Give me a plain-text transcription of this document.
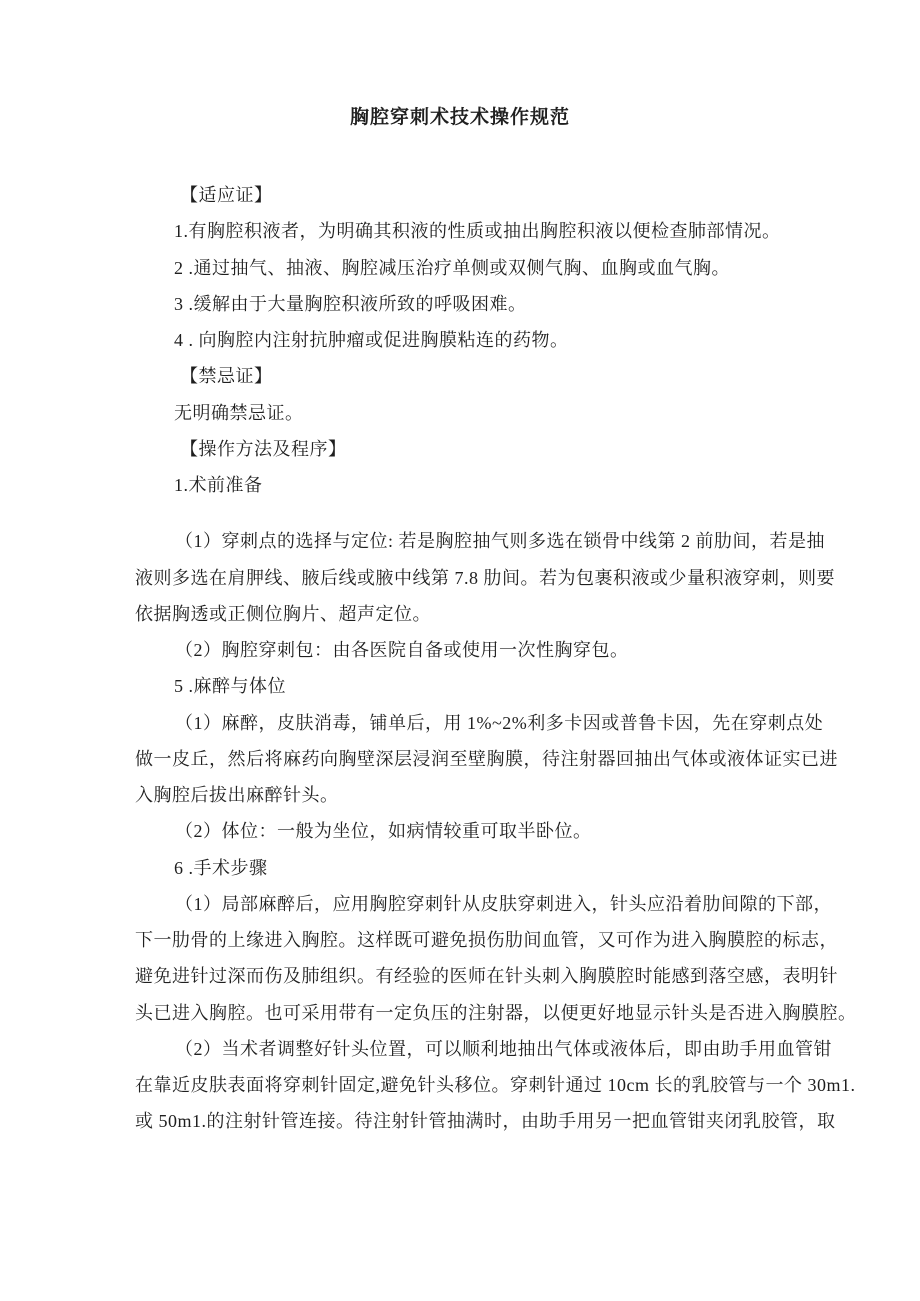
胸腔穿刺术技术操作规范
【适应证】
1.有胸腔积液者，为明确其积液的性质或抽出胸腔积液以便检查肺部情况。
2 .通过抽气、抽液、胸腔减压治疗单侧或双侧气胸、血胸或血气胸。
3 .缓解由于大量胸腔积液所致的呼吸困难。
4 . 向胸腔内注射抗肿瘤或促进胸膜粘连的药物。
【禁忌证】
无明确禁忌证。
【操作方法及程序】
1.术前准备
（1）穿刺点的选择与定位: 若是胸腔抽气则多选在锁骨中线第 2 前肋间，若是抽
液则多选在肩胛线、腋后线或腋中线第 7.8 肋间。若为包裹积液或少量积液穿刺，则要
依据胸透或正侧位胸片、超声定位。
（2）胸腔穿刺包：由各医院自备或使用一次性胸穿包。
5 .麻醉与体位
（1）麻醉，皮肤消毒，铺单后，用 1%~2%利多卡因或普鲁卡因，先在穿刺点处
做一皮丘，然后将麻药向胸壁深层浸润至壁胸膜，待注射器回抽出气体或液体证实已进
入胸腔后拔出麻醉针头。
（2）体位：一般为坐位，如病情较重可取半卧位。
6 .手术步骤
（1）局部麻醉后，应用胸腔穿刺针从皮肤穿刺进入，针头应沿着肋间隙的下部，
下一肋骨的上缘进入胸腔。这样既可避免损伤肋间血管，又可作为进入胸膜腔的标志，
避免进针过深而伤及肺组织。有经验的医师在针头刺入胸膜腔时能感到落空感，表明针
头已进入胸腔。也可采用带有一定负压的注射器，以便更好地显示针头是否进入胸膜腔。
（2）当术者调整好针头位置，可以顺利地抽出气体或液体后，即由助手用血管钳
在靠近皮肤表面将穿刺针固定,避免针头移位。穿刺针通过 10cm 长的乳胶管与一个 30m1.
或 50m1.的注射针管连接。待注射针管抽满时，由助手用另一把血管钳夹闭乳胶管，取
